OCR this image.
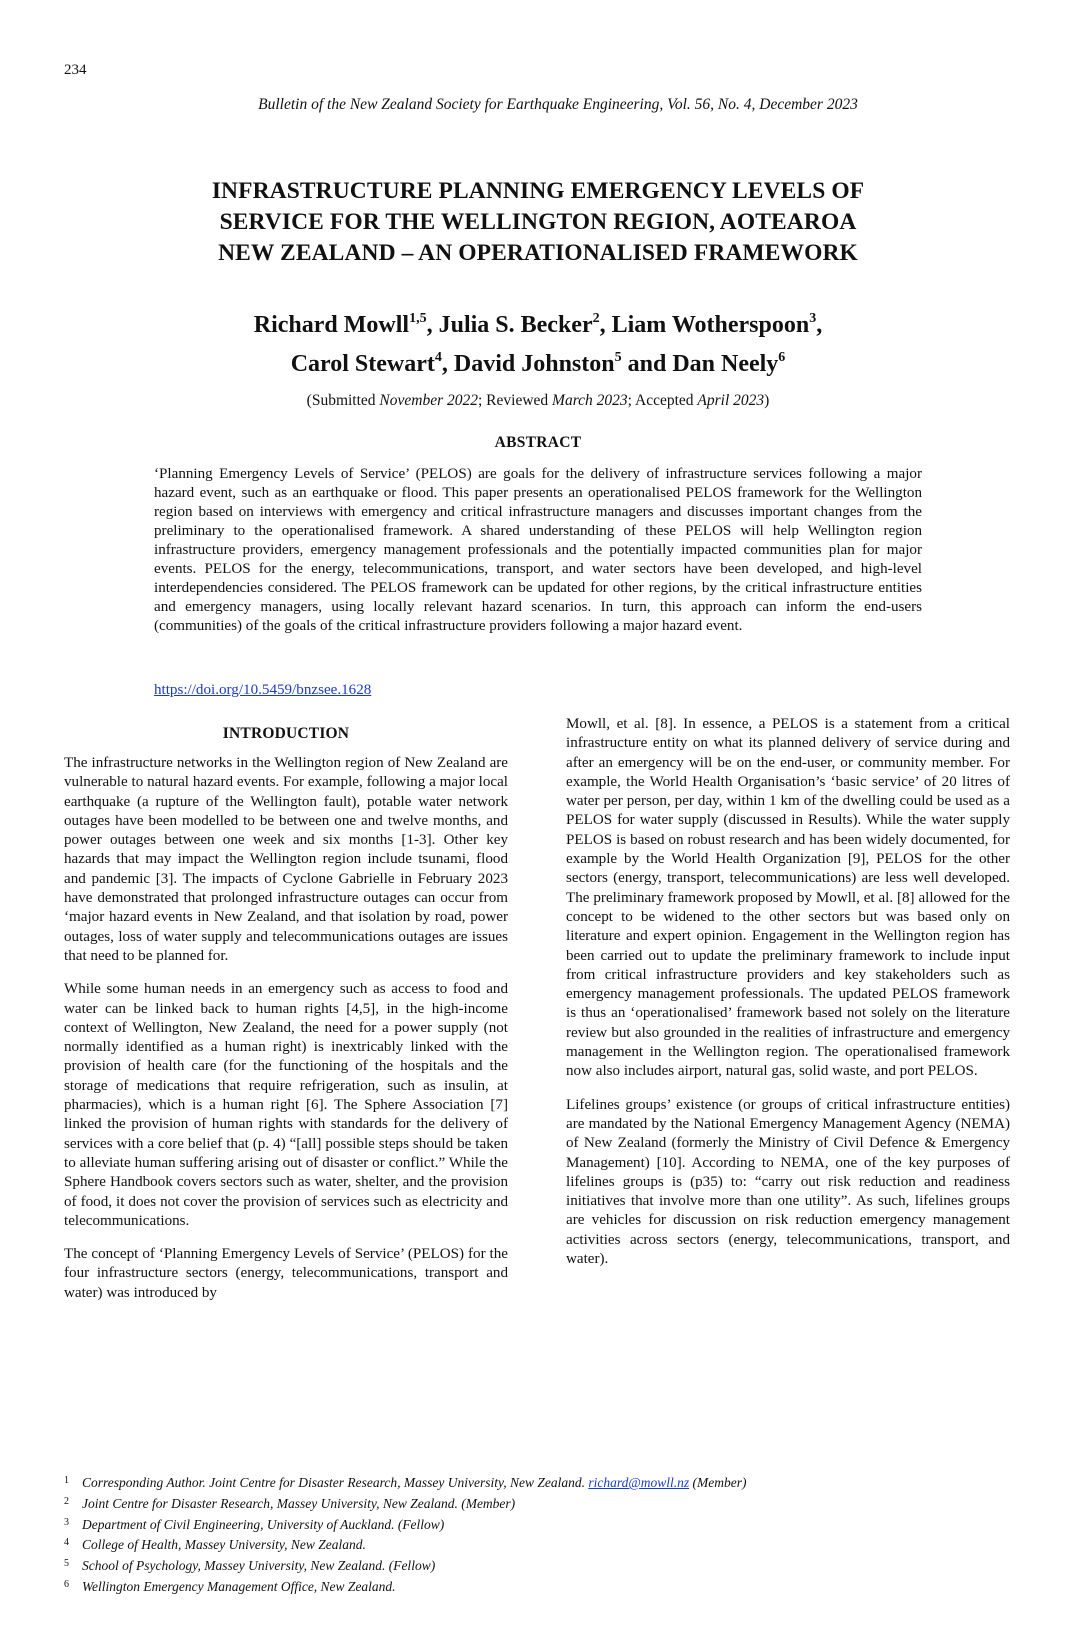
234
Bulletin of the New Zealand Society for Earthquake Engineering, Vol. 56, No. 4, December 2023
INFRASTRUCTURE PLANNING EMERGENCY LEVELS OF
SERVICE FOR THE WELLINGTON REGION, AOTEAROA
NEW ZEALAND – AN OPERATIONALISED FRAMEWORK
Richard Mowll$^{1,5}$, Julia S. Becker$^2$, Liam Wotherspoon$^3$,
Carol Stewart$^4$, David Johnston$^5$ and Dan Neely$^6$
(Submitted November 2022; Reviewed March 2023; Accepted April 2023)
ABSTRACT
‘Planning Emergency Levels of Service’ (PELOS) are goals for the delivery of infrastructure services following a major hazard event, such as an earthquake or flood. This paper presents an operationalised PELOS framework for the Wellington region based on interviews with emergency and critical infrastructure managers and discusses important changes from the preliminary to the operationalised framework. A shared understanding of these PELOS will help Wellington region infrastructure providers, emergency management professionals and the potentially impacted communities plan for major events. PELOS for the energy, telecommunications, transport, and water sectors have been developed, and high-level interdependencies considered. The PELOS framework can be updated for other regions, by the critical infrastructure entities and emergency managers, using locally relevant hazard scenarios. In turn, this approach can inform the end-users (communities) of the goals of the critical infrastructure providers following a major hazard event.
https://doi.org/10.5459/bnzsee.1628
INTRODUCTION

The infrastructure networks in the Wellington region of New Zealand are vulnerable to natural hazard events. For example, following a major local earthquake (a rupture of the Wellington fault), potable water network outages have been modelled to be between one and twelve months, and power outages between one week and six months [1-3]. Other key hazards that may impact the Wellington region include tsunami, flood and pandemic [3]. The impacts of Cyclone Gabrielle in February 2023 have demonstrated that prolonged infrastructure outages can occur from ‘major hazard events in New Zealand, and that isolation by road, power outages, loss of water supply and telecommunications outages are issues that need to be planned for.

While some human needs in an emergency such as access to food and water can be linked back to human rights [4,5], in the high-income context of Wellington, New Zealand, the need for a power supply (not normally identified as a human right) is inextricably linked with the provision of health care (for the functioning of the hospitals and the storage of medications that require refrigeration, such as insulin, at pharmacies), which is a human right [6]. The Sphere Association [7] linked the provision of human rights with standards for the delivery of services with a core belief that (p. 4) “[all] possible steps should be taken to alleviate human suffering arising out of disaster or conflict.” While the Sphere Handbook covers sectors such as water, shelter, and the provision of food, it does not cover the provision of services such as electricity and telecommunications.

The concept of ‘Planning Emergency Levels of Service’ (PELOS) for the four infrastructure sectors (energy, telecommunications, transport and water) was introduced by

Mowll, et al. [8]. In essence, a PELOS is a statement from a critical infrastructure entity on what its planned delivery of service during and after an emergency will be on the end-user, or community member. For example, the World Health Organisation’s ‘basic service’ of 20 litres of water per person, per day, within 1 km of the dwelling could be used as a PELOS for water supply (discussed in Results). While the water supply PELOS is based on robust research and has been widely documented, for example by the World Health Organization [9], PELOS for the other sectors (energy, transport, telecommunications) are less well developed. The preliminary framework proposed by Mowll, et al. [8] allowed for the concept to be widened to the other sectors but was based only on literature and expert opinion. Engagement in the Wellington region has been carried out to update the preliminary framework to include input from critical infrastructure providers and key stakeholders such as emergency management professionals. The updated PELOS framework is thus an ‘operationalised’ framework based not solely on the literature review but also grounded in the realities of infrastructure and emergency management in the Wellington region. The operationalised framework now also includes airport, natural gas, solid waste, and port PELOS.

Lifelines groups’ existence (or groups of critical infrastructure entities) are mandated by the National Emergency Management Agency (NEMA) of New Zealand (formerly the Ministry of Civil Defence & Emergency Management) [10]. According to NEMA, one of the key purposes of lifelines groups is (p35) to: “carry out risk reduction and readiness initiatives that involve more than one utility”. As such, lifelines groups are vehicles for discussion on risk reduction emergency management activities across sectors (energy, telecommunications, transport, and water).

1 Corresponding Author. Joint Centre for Disaster Research, Massey University, New Zealand. richard@mowll.nz (Member)
2 Joint Centre for Disaster Research, Massey University, New Zealand. (Member)
3 Department of Civil Engineering, University of Auckland. (Fellow)
4 College of Health, Massey University, New Zealand.
5 School of Psychology, Massey University, New Zealand. (Fellow)
6 Wellington Emergency Management Office, New Zealand.
